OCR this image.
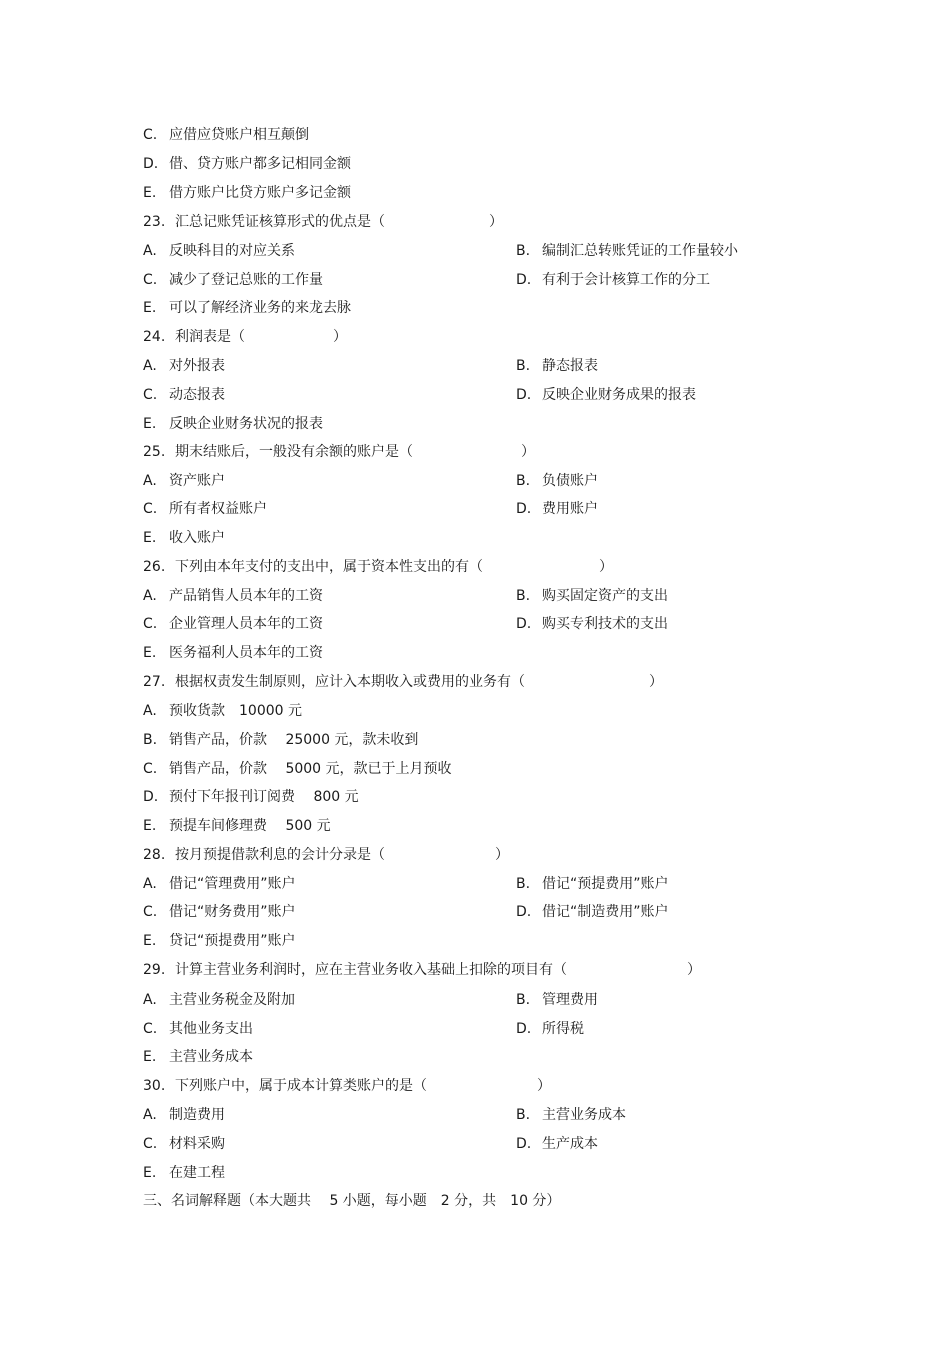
C. 应借应贷账户相互颠倒
D. 借、贷方账户都多记相同金额
E. 借方账户比贷方账户多记金额
23. 汇总记账凭证核算形式的优点是（	）
A. 反映科目的对应关系	B. 编制汇总转账凭证的工作量较小
C. 减少了登记总账的工作量	D. 有利于会计核算工作的分工
E. 可以了解经济业务的来龙去脉
24. 利润表是（	）
A. 对外报表	B. 静态报表
C. 动态报表	D. 反映企业财务成果的报表
E. 反映企业财务状况的报表
25. 期末结账后，一般没有余额的账户是（	）
A. 资产账户	B. 负债账户
C. 所有者权益账户	D. 费用账户
E. 收入账户
26. 下列由本年支付的支出中，属于资本性支出的有（	）
A. 产品销售人员本年的工资	B. 购买固定资产的支出
C. 企业管理人员本年的工资	D. 购买专利技术的支出
E. 医务福利人员本年的工资
27. 根据权责发生制原则，应计入本期收入或费用的业务有（	）
A. 预收货款　10000 元
B. 销售产品，价款　 25000 元，款未收到
C. 销售产品，价款　 5000 元，款已于上月预收
D. 预付下年报刊订阅费　 800 元
E. 预提车间修理费　 500 元
28. 按月预提借款利息的会计分录是（	）
A. 借记“管理费用”账户	B. 借记“预提费用”账户
C. 借记“财务费用”账户	D. 借记“制造费用”账户
E. 贷记“预提费用”账户
29. 计算主营业务利润时，应在主营业务收入基础上扣除的项目有（	）
A. 主营业务税金及附加	B. 管理费用
C. 其他业务支出	D. 所得税
E. 主营业务成本
30. 下列账户中，属于成本计算类账户的是（	）
A. 制造费用	B. 主营业务成本
C. 材料采购	D. 生产成本
E. 在建工程
三、名词解释题（本大题共　 5 小题，每小题　2 分，共　10 分）
